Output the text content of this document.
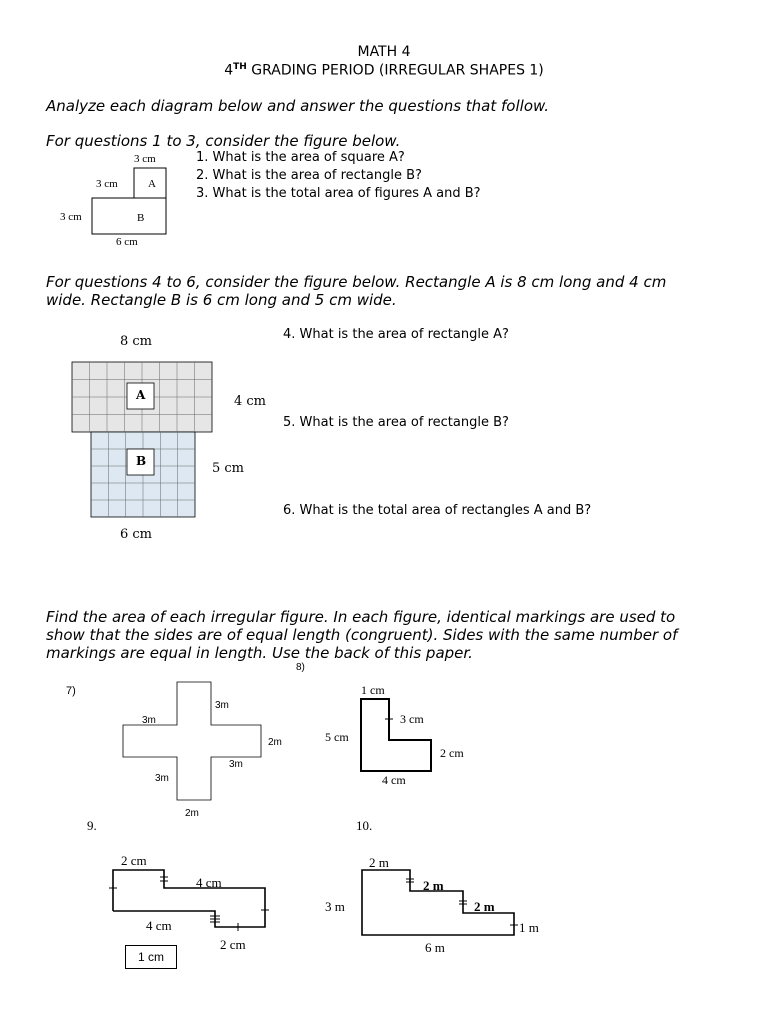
MATH 4
4TH GRADING PERIOD (IRREGULAR SHAPES 1)
Analyze each diagram below and answer the questions that follow.
For questions 1 to 3, consider the figure below.
3 cm
3 cm	A
3 cm	B
6 cm
1. What is the area of square A?
2. What is the area of rectangle B?
3. What is the total area of figures A and B?
For questions 4 to 6, consider the figure below. Rectangle A is 8 cm long and 4 cm
wide. Rectangle B is 6 cm long and 5 cm wide.
A
B
8 cm
4 cm
5 cm
6 cm
4. What is the area of rectangle A?
5. What is the area of rectangle B?
6. What is the total area of rectangles A and B?
Find the area of each irregular figure. In each figure, identical markings are used to
show that the sides are of equal length (congruent). Sides with the same number of
markings are equal in length. Use the back of this paper.
7)
3m
3m
2m
3m
3m
2m
8)
1 cm
3 cm
5 cm
2 cm
4 cm
9.
1 cm
2 cm
4 cm
4 cm
2 cm
10.
2 m
3 m
2 m
2 m
1 m
6 m
